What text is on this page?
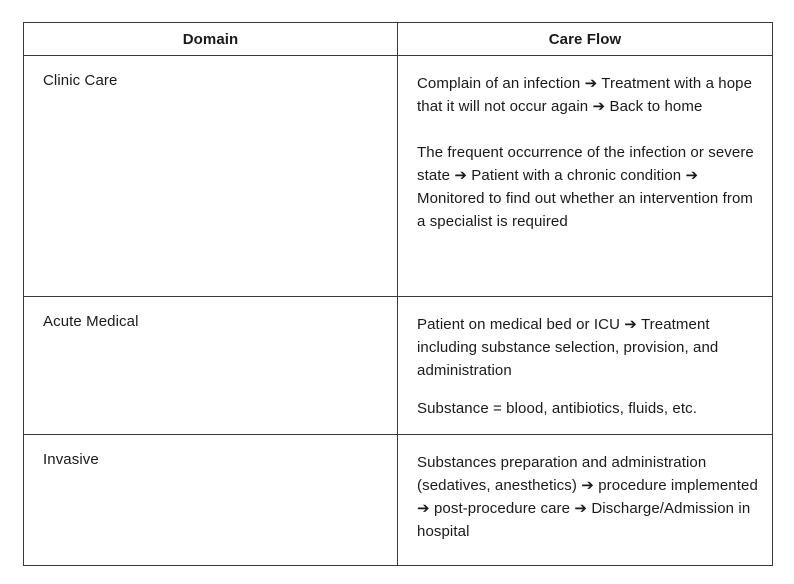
Domain	Care Flow
Clinic Care	Complain of an infection ➔ Treatment with a hope that it will not occur again ➔ Back to home

The frequent occurrence of the infection or severe state ➔ Patient with a chronic condition ➔ Monitored to find out whether an intervention from a specialist is required

Acute Medical	Patient on medical bed or ICU ➔ Treatment including substance selection, provision, and administration

Substance = blood, antibiotics, fluids, etc.

Invasive	Substances preparation and administration (sedatives, anesthetics) ➔ procedure implemented ➔ post-procedure care ➔ Discharge/Admission in hospital
